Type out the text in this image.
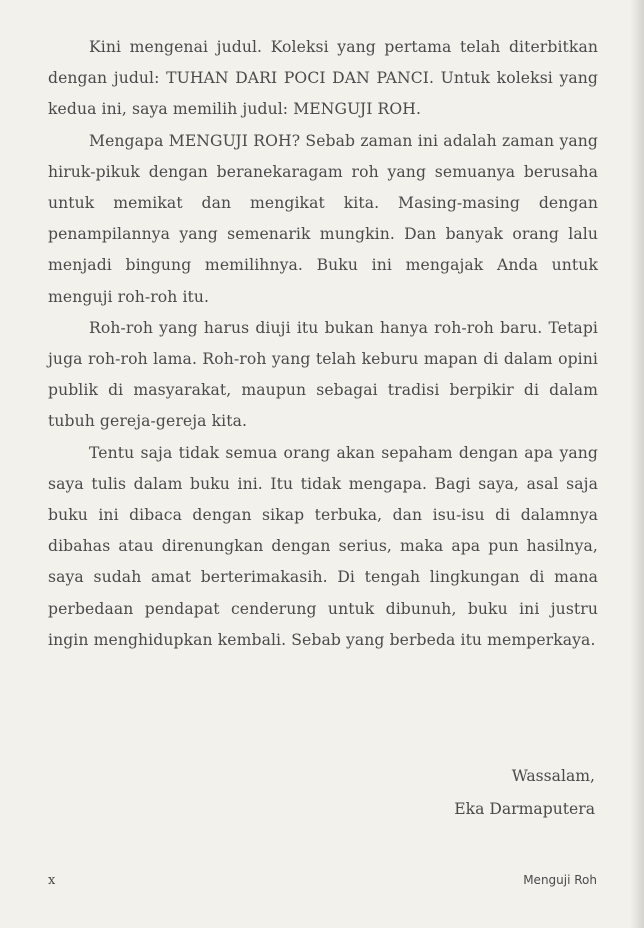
Kini mengenai judul. Koleksi yang pertama telah diterbitkan dengan judul: TUHAN DARI POCI DAN PANCI. Untuk koleksi yang kedua ini, saya memilih judul: MENGUJI ROH.

Mengapa MENGUJI ROH? Sebab zaman ini adalah zaman yang hiruk-pikuk dengan beranekaragam roh yang semuanya berusaha untuk memikat dan mengikat kita. Masing-masing dengan penampilannya yang semenarik mungkin. Dan banyak orang lalu menjadi bingung memilihnya. Buku ini mengajak Anda untuk menguji roh-roh itu.

Roh-roh yang harus diuji itu bukan hanya roh-roh baru. Tetapi juga roh-roh lama. Roh-roh yang telah keburu mapan di dalam opini publik di masyarakat, maupun sebagai tradisi berpikir di dalam tubuh gereja-gereja kita.

Tentu saja tidak semua orang akan sepaham dengan apa yang saya tulis dalam buku ini. Itu tidak mengapa. Bagi saya, asal saja buku ini dibaca dengan sikap terbuka, dan isu-isu di dalamnya dibahas atau direnungkan dengan serius, maka apa pun hasilnya, saya sudah amat berterimakasih. Di tengah lingkungan di mana perbedaan pendapat cenderung untuk dibunuh, buku ini justru ingin menghidupkan kembali. Sebab yang berbeda itu memperkaya.

Wassalam,
Eka Darmaputera
x	Menguji Roh
